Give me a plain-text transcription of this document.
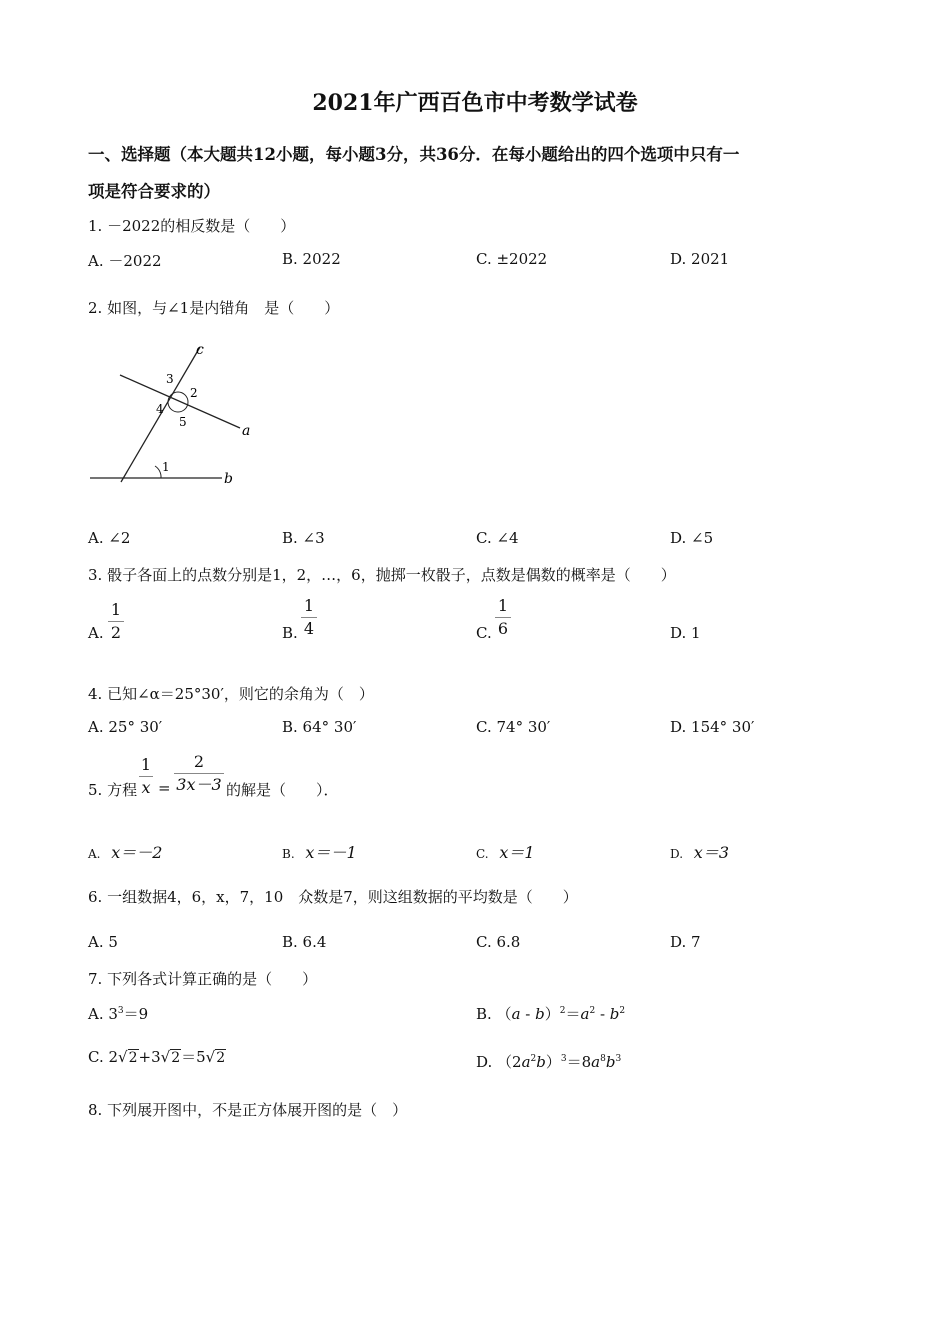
2021年广西百色市中考数学试卷
一、选择题（本大题共12小题，每小题3分，共36分．在每小题给出的四个选项中只有一
项是符合要求的）
1. －2022的相反数是（　　）
A. －2022	B. 2022	C. ±2022	D. 2021
2. 如图，与∠1是内错角　是（　　）
c
a
b
1
2
3
4
5
A. ∠2	B. ∠3	C. ∠4	D. ∠5
3. 骰子各面上的点数分别是1，2，…，6，抛掷一枚骰子，点数是偶数的概率是（　　）
A.
1
2	B.
1
4	C.
1
6	D. 1
4. 已知∠α＝25°30′，则它的余角为（　）
A. 25° 30′	B. 64° 30′	C. 74° 30′	D. 154° 30′
5. 方程
1
x =
2
3x－3 的解是（　　）．
A. x＝－2	B. x＝－1	C. x＝1	D. x＝3
6. 一组数据4，6，x，7，10　众数是7，则这组数据的平均数是（　　）
A. 5	B. 6.4	C. 6.8	D. 7
7. 下列各式计算正确的是（　　）
A. $3^3=9$	B. $(a - b)^2=a^2 - b^2$
C. 2√2+3√2＝5√2	D. $(2a^2b)^3=8a^8b^3$
8. 下列展开图中，不是正方体展开图的是（　）
